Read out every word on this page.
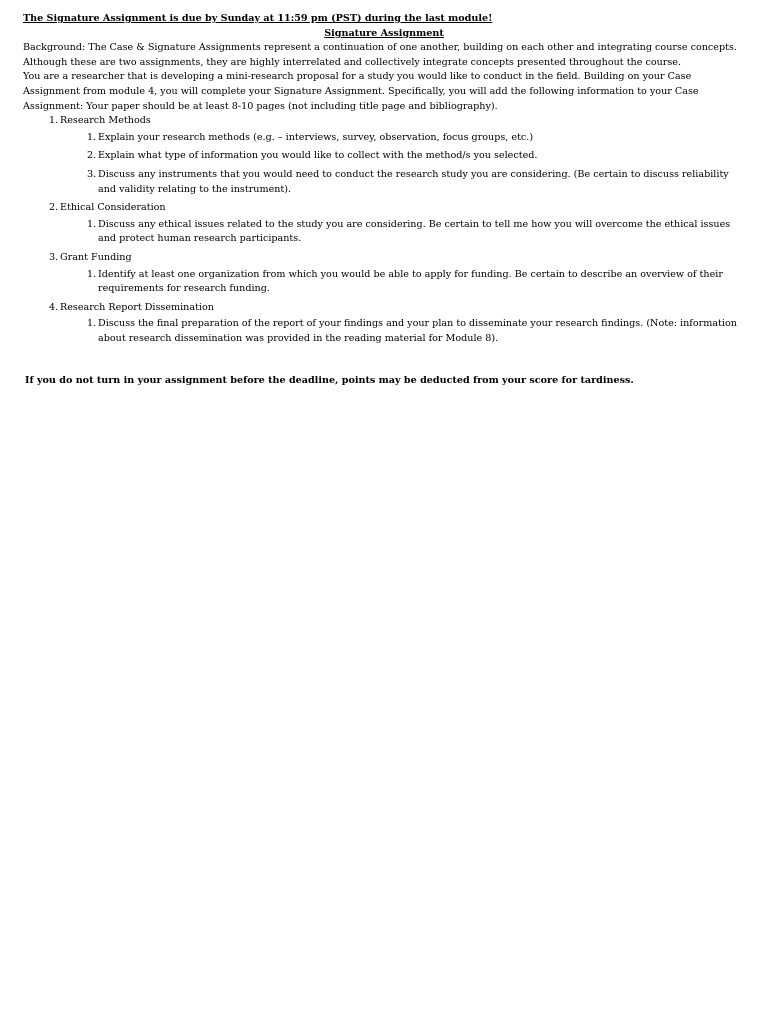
The Signature Assignment is due by Sunday at 11:59 pm (PST) during the last module!

Signature Assignment

Background: The Case & Signature Assignments represent a continuation of one another, building on each other and integrating course concepts. Although these are two assignments, they are highly interrelated and collectively integrate concepts presented throughout the course.

You are a researcher that is developing a mini-research proposal for a study you would like to conduct in the field. Building on your Case Assignment from module 4, you will complete your Signature Assignment. Specifically, you will add the following information to your Case Assignment: Your paper should be at least 8-10 pages (not including title page and bibliography).

1. Research Methods
1. Explain your research methods (e.g. – interviews, survey, observation, focus groups, etc.)
2. Explain what type of information you would like to collect with the method/s you selected.
3. Discuss any instruments that you would need to conduct the research study you are considering. (Be certain to discuss reliability and validity relating to the instrument).
2. Ethical Consideration
1. Discuss any ethical issues related to the study you are considering. Be certain to tell me how you will overcome the ethical issues and protect human research participants.
3. Grant Funding
1. Identify at least one organization from which you would be able to apply for funding. Be certain to describe an overview of their requirements for research funding.
4. Research Report Dissemination
1. Discuss the final preparation of the report of your findings and your plan to disseminate your research findings. (Note: information about research dissemination was provided in the reading material for Module 8).

If you do not turn in your assignment before the deadline, points may be deducted from your score for tardiness.
